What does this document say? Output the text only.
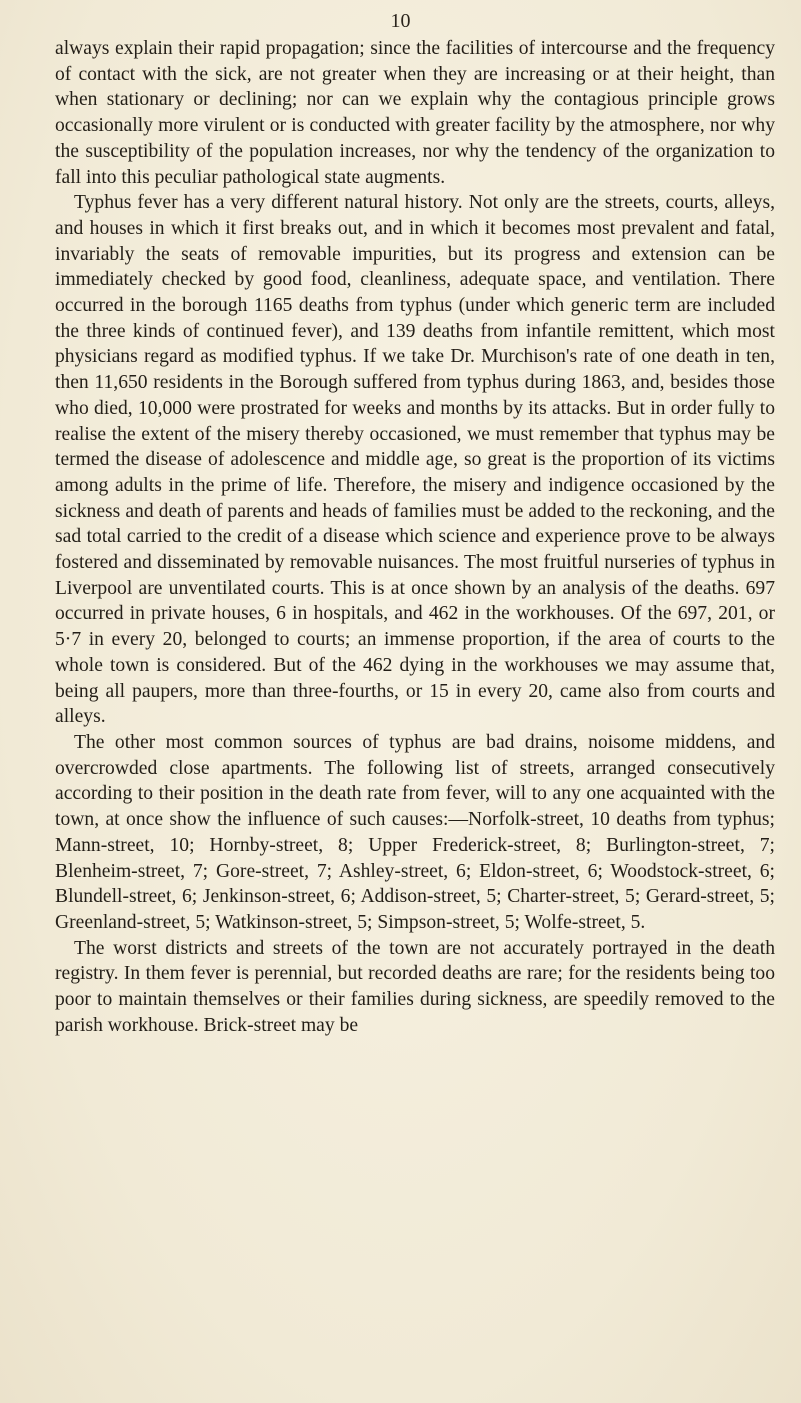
10

always explain their rapid propagation; since the facilities of intercourse and the frequency of contact with the sick, are not greater when they are increasing or at their height, than when stationary or declining; nor can we explain why the contagious principle grows occasionally more virulent or is conducted with greater facility by the atmosphere, nor why the susceptibility of the population increases, nor why the tendency of the organization to fall into this peculiar pathological state augments.

Typhus fever has a very different natural history. Not only are the streets, courts, alleys, and houses in which it first breaks out, and in which it becomes most prevalent and fatal, invariably the seats of removable impurities, but its progress and extension can be immediately checked by good food, cleanliness, adequate space, and ventilation. There occurred in the borough 1165 deaths from typhus (under which generic term are included the three kinds of continued fever), and 139 deaths from infantile remittent, which most physicians regard as modified typhus. If we take Dr. Murchison's rate of one death in ten, then 11,650 residents in the Borough suffered from typhus during 1863, and, besides those who died, 10,000 were prostrated for weeks and months by its attacks. But in order fully to realise the extent of the misery thereby occasioned, we must remember that typhus may be termed the disease of adolescence and middle age, so great is the proportion of its victims among adults in the prime of life. Therefore, the misery and indigence occasioned by the sickness and death of parents and heads of families must be added to the reckoning, and the sad total carried to the credit of a disease which science and experience prove to be always fostered and disseminated by removable nuisances. The most fruitful nurseries of typhus in Liverpool are unventilated courts. This is at once shown by an analysis of the deaths. 697 occurred in private houses, 6 in hospitals, and 462 in the workhouses. Of the 697, 201, or 5·7 in every 20, belonged to courts; an immense proportion, if the area of courts to the whole town is considered. But of the 462 dying in the workhouses we may assume that, being all paupers, more than three-fourths, or 15 in every 20, came also from courts and alleys.

The other most common sources of typhus are bad drains, noisome middens, and overcrowded close apartments. The following list of streets, arranged consecutively according to their position in the death rate from fever, will to any one acquainted with the town, at once show the influence of such causes:—Norfolk-street, 10 deaths from typhus; Mann-street, 10; Hornby-street, 8; Upper Frederick-street, 8; Burlington-street, 7; Blenheim-street, 7; Gore-street, 7; Ashley-street, 6; Eldon-street, 6; Woodstock-street, 6; Blundell-street, 6; Jenkinson-street, 6; Addison-street, 5; Charter-street, 5; Gerard-street, 5; Greenland-street, 5; Watkinson-street, 5; Simpson-street, 5; Wolfe-street, 5.

The worst districts and streets of the town are not accurately portrayed in the death registry. In them fever is perennial, but recorded deaths are rare; for the residents being too poor to maintain themselves or their families during sickness, are speedily removed to the parish workhouse. Brick-street may be
